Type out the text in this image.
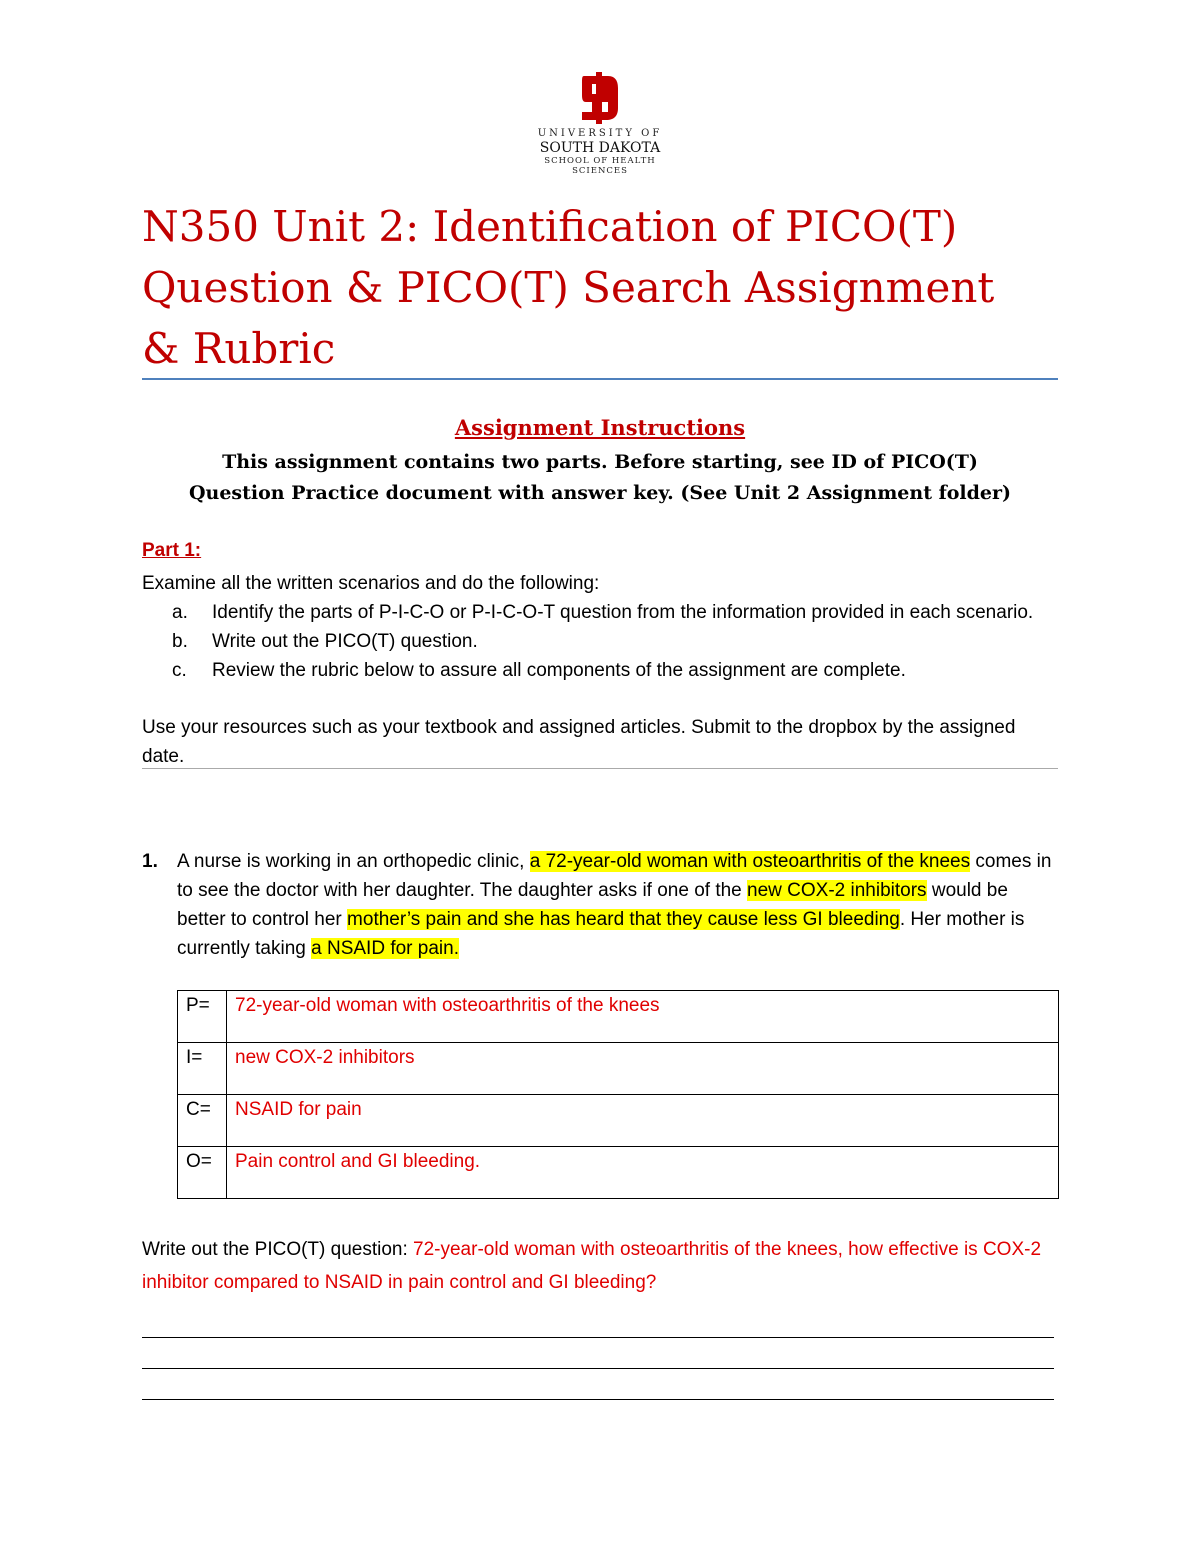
UNIVERSITY OF
SOUTH DAKOTA
SCHOOL OF HEALTH SCIENCES
N350 Unit 2: Identification of PICO(T)
Question & PICO(T) Search Assignment
& Rubric
Assignment Instructions
This assignment contains two parts. Before starting, see ID of PICO(T)
Question Practice document with answer key. (See Unit 2 Assignment folder)
Part 1:
Examine all the written scenarios and do the following:
a. Identify the parts of P-I-C-O or P-I-C-O-T question from the information provided in each scenario.
b. Write out the PICO(T) question.
c. Review the rubric below to assure all components of the assignment are complete.
Use your resources such as your textbook and assigned articles. Submit to the dropbox by the assigned date.
1. A nurse is working in an orthopedic clinic, a 72-year-old woman with osteoarthritis of the knees comes in to see the doctor with her daughter. The daughter asks if one of the new COX-2 inhibitors would be better to control her mother’s pain and she has heard that they cause less GI bleeding. Her mother is currently taking a NSAID for pain.
P=	72-year-old woman with osteoarthritis of the knees
I=	new COX-2 inhibitors
C=	NSAID for pain
O=	Pain control and GI bleeding.
Write out the PICO(T) question: 72-year-old woman with osteoarthritis of the knees, how effective is COX-2 inhibitor compared to NSAID in pain control and GI bleeding?
